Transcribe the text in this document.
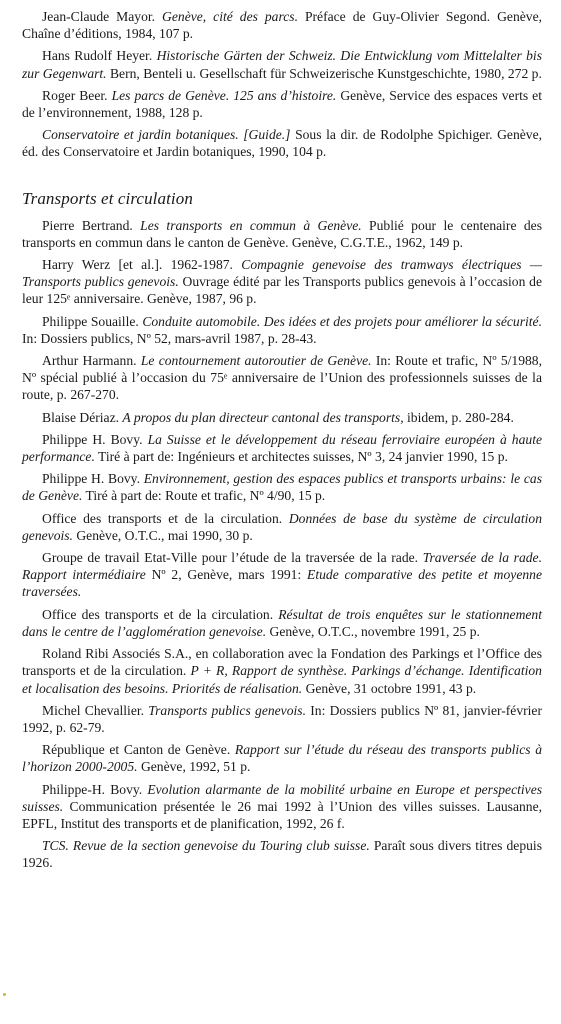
Jean-Claude Mayor. Genève, cité des parcs. Préface de Guy-Olivier Segond. Genève, Chaîne d’éditions, 1984, 107 p.

Hans Rudolf Heyer. Historische Gärten der Schweiz. Die Entwicklung vom Mittelalter bis zur Gegenwart. Bern, Benteli u. Gesellschaft für Schweizerische Kunstgeschichte, 1980, 272 p.

Roger Beer. Les parcs de Genève. 125 ans d’histoire. Genève, Service des espaces verts et de l’environnement, 1988, 128 p.

Conservatoire et jardin botaniques. [Guide.] Sous la dir. de Rodolphe Spichiger. Genève, éd. des Conservatoire et Jardin botaniques, 1990, 104 p.

Transports et circulation

Pierre Bertrand. Les transports en commun à Genève. Publié pour le centenaire des transports en commun dans le canton de Genève. Genève, C.G.T.E., 1962, 149 p.

Harry Werz [et al.]. 1962-1987. Compagnie genevoise des tramways électriques — Transports publics genevois. Ouvrage édité par les Transports publics genevois à l’occasion de leur 125ᵉ anniversaire. Genève, 1987, 96 p.

Philippe Souaille. Conduite automobile. Des idées et des projets pour améliorer la sécurité. In: Dossiers publics, Nº 52, mars-avril 1987, p. 28-43.

Arthur Harmann. Le contournement autoroutier de Genève. In: Route et trafic, Nº 5/1988, Nº spécial publié à l’occasion du 75ᵉ anniversaire de l’Union des professionnels suisses de la route, p. 267-270.

Blaise Dériaz. A propos du plan directeur cantonal des transports, ibidem, p. 280-284.

Philippe H. Bovy. La Suisse et le développement du réseau ferroviaire européen à haute performance. Tiré à part de: Ingénieurs et architectes suisses, Nº 3, 24 janvier 1990, 15 p.

Philippe H. Bovy. Environnement, gestion des espaces publics et transports urbains: le cas de Genève. Tiré à part de: Route et trafic, Nº 4/90, 15 p.

Office des transports et de la circulation. Données de base du système de circulation genevois. Genève, O.T.C., mai 1990, 30 p.

Groupe de travail Etat-Ville pour l’étude de la traversée de la rade. Traversée de la rade. Rapport intermédiaire Nº 2, Genève, mars 1991: Etude comparative des petite et moyenne traversées.

Office des transports et de la circulation. Résultat de trois enquêtes sur le stationnement dans le centre de l’agglomération genevoise. Genève, O.T.C., novembre 1991, 25 p.

Roland Ribi Associés S.A., en collaboration avec la Fondation des Parkings et l’Office des transports et de la circulation. P + R, Rapport de synthèse. Parkings d’échange. Identification et localisation des besoins. Priorités de réalisation. Genève, 31 octobre 1991, 43 p.

Michel Chevallier. Transports publics genevois. In: Dossiers publics Nº 81, janvier-février 1992, p. 62-79.

République et Canton de Genève. Rapport sur l’étude du réseau des transports publics à l’horizon 2000-2005. Genève, 1992, 51 p.

Philippe-H. Bovy. Evolution alarmante de la mobilité urbaine en Europe et perspectives suisses. Communication présentée le 26 mai 1992 à l’Union des villes suisses. Lausanne, EPFL, Institut des transports et de planification, 1992, 26 f.

TCS. Revue de la section genevoise du Touring club suisse. Paraît sous divers titres depuis 1926.
